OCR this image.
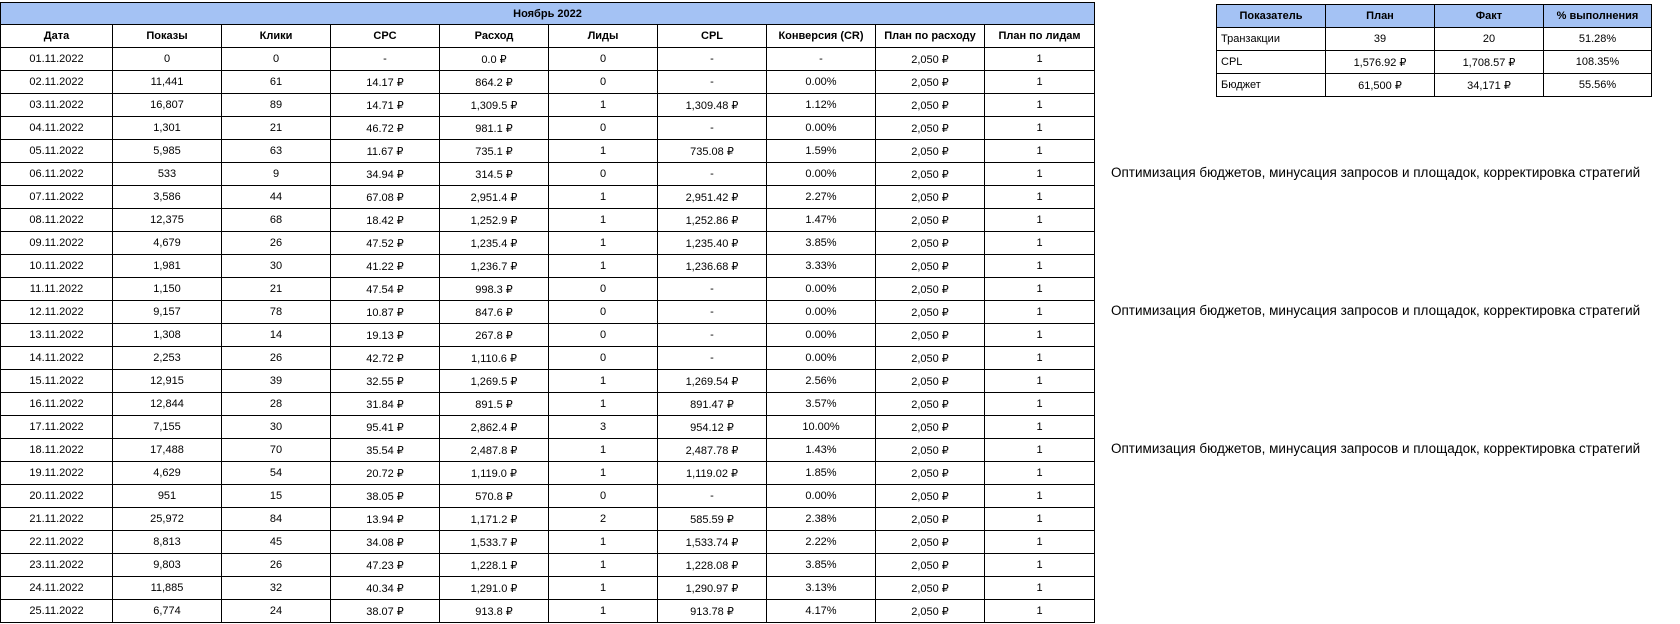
Ноябрь 2022									
Дата	Показы	Клики	CPC	Расход	Лиды	CPL	Конверсия (CR)	План по расходу	План по лидам
01.11.2022	0	0	-	0.0 ₽	0	-	-	2,050 ₽	1
02.11.2022	11,441	61	14.17 ₽	864.2 ₽	0	-	0.00%	2,050 ₽	1
03.11.2022	16,807	89	14.71 ₽	1,309.5 ₽	1	1,309.48 ₽	1.12%	2,050 ₽	1
04.11.2022	1,301	21	46.72 ₽	981.1 ₽	0	-	0.00%	2,050 ₽	1
05.11.2022	5,985	63	11.67 ₽	735.1 ₽	1	735.08 ₽	1.59%	2,050 ₽	1
06.11.2022	533	9	34.94 ₽	314.5 ₽	0	-	0.00%	2,050 ₽	1
07.11.2022	3,586	44	67.08 ₽	2,951.4 ₽	1	2,951.42 ₽	2.27%	2,050 ₽	1
08.11.2022	12,375	68	18.42 ₽	1,252.9 ₽	1	1,252.86 ₽	1.47%	2,050 ₽	1
09.11.2022	4,679	26	47.52 ₽	1,235.4 ₽	1	1,235.40 ₽	3.85%	2,050 ₽	1
10.11.2022	1,981	30	41.22 ₽	1,236.7 ₽	1	1,236.68 ₽	3.33%	2,050 ₽	1
11.11.2022	1,150	21	47.54 ₽	998.3 ₽	0	-	0.00%	2,050 ₽	1
12.11.2022	9,157	78	10.87 ₽	847.6 ₽	0	-	0.00%	2,050 ₽	1
13.11.2022	1,308	14	19.13 ₽	267.8 ₽	0	-	0.00%	2,050 ₽	1
14.11.2022	2,253	26	42.72 ₽	1,110.6 ₽	0	-	0.00%	2,050 ₽	1
15.11.2022	12,915	39	32.55 ₽	1,269.5 ₽	1	1,269.54 ₽	2.56%	2,050 ₽	1
16.11.2022	12,844	28	31.84 ₽	891.5 ₽	1	891.47 ₽	3.57%	2,050 ₽	1
17.11.2022	7,155	30	95.41 ₽	2,862.4 ₽	3	954.12 ₽	10.00%	2,050 ₽	1
18.11.2022	17,488	70	35.54 ₽	2,487.8 ₽	1	2,487.78 ₽	1.43%	2,050 ₽	1
19.11.2022	4,629	54	20.72 ₽	1,119.0 ₽	1	1,119.02 ₽	1.85%	2,050 ₽	1
20.11.2022	951	15	38.05 ₽	570.8 ₽	0	-	0.00%	2,050 ₽	1
21.11.2022	25,972	84	13.94 ₽	1,171.2 ₽	2	585.59 ₽	2.38%	2,050 ₽	1
22.11.2022	8,813	45	34.08 ₽	1,533.7 ₽	1	1,533.74 ₽	2.22%	2,050 ₽	1
23.11.2022	9,803	26	47.23 ₽	1,228.1 ₽	1	1,228.08 ₽	3.85%	2,050 ₽	1
24.11.2022	11,885	32	40.34 ₽	1,291.0 ₽	1	1,290.97 ₽	3.13%	2,050 ₽	1
25.11.2022	6,774	24	38.07 ₽	913.8 ₽	1	913.78 ₽	4.17%	2,050 ₽	1
Показатель	План	Факт	% выполнения
Транзакции	39	20	51.28%
CPL	1,576.92 ₽	1,708.57 ₽	108.35%
Бюджет	61,500 ₽	34,171 ₽	55.56%
Оптимизация бюджетов, минусация запросов и площадок, корректировка стратегий
Оптимизация бюджетов, минусация запросов и площадок, корректировка стратегий
Оптимизация бюджетов, минусация запросов и площадок, корректировка стратегий
